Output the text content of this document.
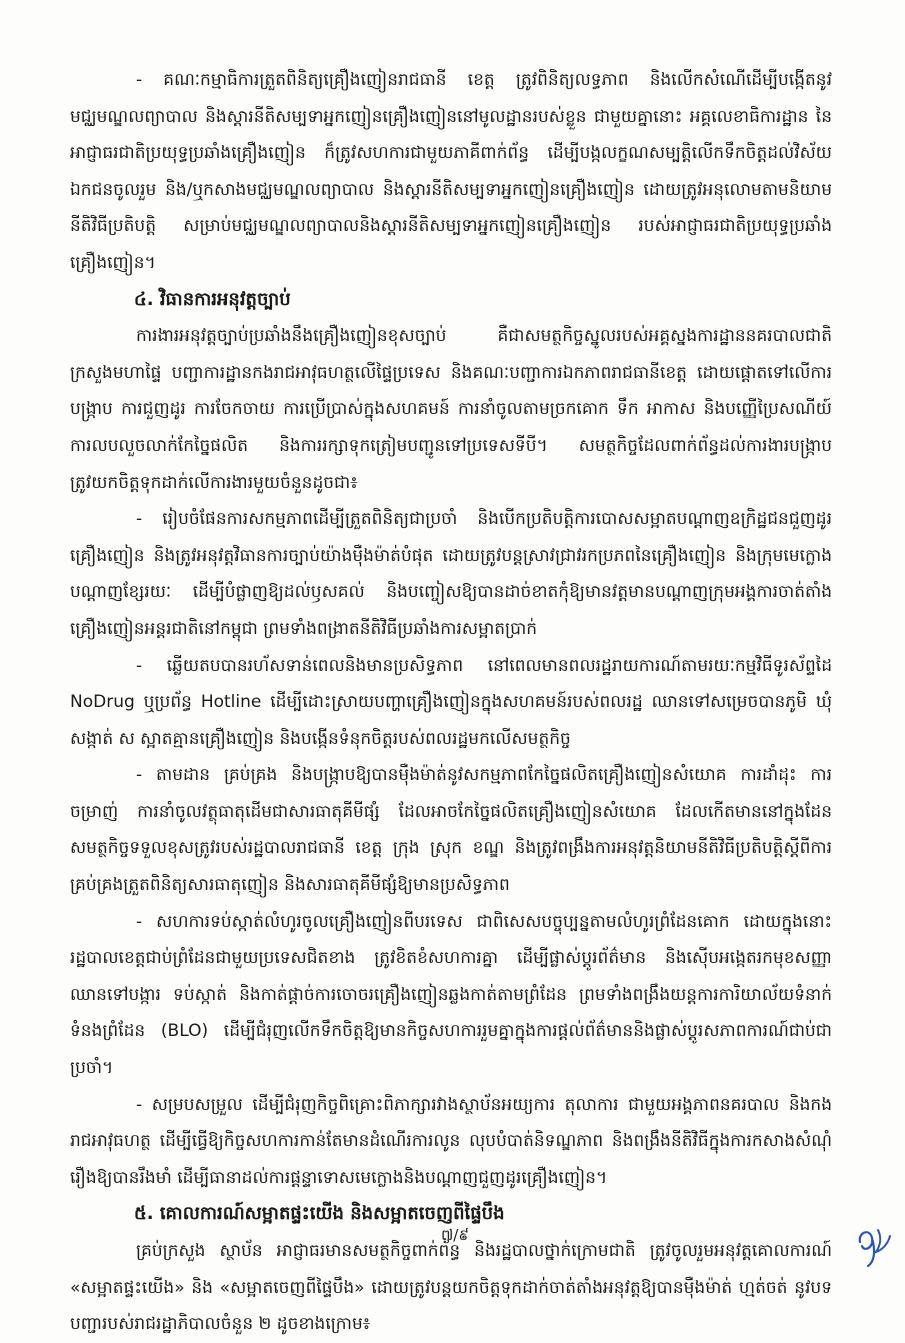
- គណៈកម្មាធិការត្រួតពិនិត្យគ្រឿងញៀនរាជធានី ខេត្ត ត្រូវពិនិត្យលទ្ធភាព និងលើកសំណើដើម្បីបង្កើតនូវមជ្ឈមណ្ឌលព្យាបាល និងស្តារនីតិសម្បទាអ្នកញៀនគ្រឿងញៀននៅមូលដ្ឋានរបស់ខ្លួន ជាមួយគ្នានោះ អគ្គលេខាធិការដ្ឋាន នៃអាជ្ញាធរជាតិប្រយុទ្ធប្រឆាំងគ្រឿងញៀន ក៏ត្រូវសហការជាមួយភាគីពាក់ព័ន្ធ ដើម្បីបង្កលក្ខណសម្បត្តិលើកទឹកចិត្តដល់វិស័យឯកជនចូលរួម និង/ឬកសាងមជ្ឈមណ្ឌលព្យាបាល និងស្តារនីតិសម្បទាអ្នកញៀនគ្រឿងញៀន ដោយត្រូវអនុលោមតាមនិយាមនីតិវិធីប្រតិបត្តិ សម្រាប់មជ្ឈមណ្ឌលព្យាបាលនិងស្តារនីតិសម្បទាអ្នកញៀនគ្រឿងញៀន របស់អាជ្ញាធរជាតិប្រយុទ្ធប្រឆាំងគ្រឿងញៀន។

៤. វិធានការអនុវត្តច្បាប់

ការងារអនុវត្តច្បាប់ប្រឆាំងនឹងគ្រឿងញៀនខុសច្បាប់ គឺជាសមត្ថកិច្ចស្នូលរបស់អគ្គស្នងការដ្ឋាននគរបាលជាតិ ក្រសួងមហាផ្ទៃ បញ្ជាការដ្ឋានកងរាជអាវុធហត្ថលើផ្ទៃប្រទេស និងគណៈបញ្ជាការឯកភាពរាជធានីខេត្ត ដោយផ្តោតទៅលើការបង្ក្រាប ការជួញដូរ ការចែកចាយ ការប្រើប្រាស់ក្នុងសហគមន៍ ការនាំចូលតាមច្រកគោក ទឹក អាកាស និងបញ្ញើប្រៃសណីយ៍ ការលបលួចលាក់កែច្នៃផលិត និងការរក្សាទុកត្រៀមបញ្ជូនទៅប្រទេសទីបី។ សមត្ថកិច្ចដែលពាក់ព័ន្ធដល់ការងារបង្ក្រាប ត្រូវយកចិត្តទុកដាក់លើការងារមួយចំនួនដូចជា៖

- រៀបចំផែនការសកម្មភាពដើម្បីត្រួតពិនិត្យជាប្រចាំ និងបើកប្រតិបត្តិការបោសសម្អាតបណ្តាញឧក្រិដ្ឋជនជួញដូរគ្រឿងញៀន និងត្រូវអនុវត្តវិធានការច្បាប់យ៉ាងម៉ឺងម៉ាត់បំផុត ដោយត្រូវបន្តស្រាវជ្រាវរកប្រភពនៃគ្រឿងញៀន និងក្រុមមេក្លោង បណ្តាញខ្សែរយៈ ដើម្បីបំផ្លាញឱ្យដល់ឫសគល់ និងបញ្ចៀសឱ្យបានដាច់ខាតកុំឱ្យមានវត្តមានបណ្តាញក្រុមអង្គការចាត់តាំងគ្រឿងញៀនអន្តរជាតិនៅកម្ពុជា ព្រមទាំងពង្រាតនីតិវិធីប្រឆាំងការសម្អាតប្រាក់

- ឆ្លើយតបបានរហ័សទាន់ពេលនិងមានប្រសិទ្ធភាព នៅពេលមានពលរដ្ឋរាយការណ៍តាមរយៈកម្មវិធីទូរស័ព្ទដៃ NoDrug ឬប្រព័ន្ធ Hotline ដើម្បីដោះស្រាយបញ្ហាគ្រឿងញៀនក្នុងសហគមន៍របស់ពលរដ្ឋ ឈានទៅសម្រេចបានភូមិ ឃុំសង្កាត់ ស ស្អាតគ្មានគ្រឿងញៀន និងបង្កើនទំនុកចិត្តរបស់ពលរដ្ឋមកលើសមត្ថកិច្ច

- តាមដាន គ្រប់គ្រង និងបង្ក្រាបឱ្យបានម៉ឺងម៉ាត់នូវសកម្មភាពកែច្នៃផលិតគ្រឿងញៀនសំយោគ ការដាំដុះ ការចម្រាញ់ ការនាំចូលវត្ថុធាតុដើមជាសារធាតុគីមីផ្សំ ដែលអាចកែច្នៃផលិតគ្រឿងញៀនសំយោគ ដែលកើតមាននៅក្នុងដែនសមត្ថកិច្ចទទួលខុសត្រូវរបស់រដ្ឋបាលរាជធានី ខេត្ត ក្រុង ស្រុក ខណ្ឌ និងត្រូវពង្រឹងការអនុវត្តនិយាមនីតិវិធីប្រតិបត្តិស្តីពីការគ្រប់គ្រងត្រួតពិនិត្យសារធាតុញៀន និងសារធាតុគីមីផ្សំឱ្យមានប្រសិទ្ធភាព

- សហការទប់ស្កាត់លំហូរចូលគ្រឿងញៀនពីបរទេស ជាពិសេសបច្ចុប្បន្នតាមលំហូរព្រំដែនគោក ដោយក្នុងនោះ រដ្ឋបាលខេត្តជាប់ព្រំដែនជាមួយប្រទេសជិតខាង ត្រូវខិតខំសហការគ្នា ដើម្បីផ្លាស់ប្តូរព័ត៌មាន និងស៊ើបអង្កេតរកមុខសញ្ញា ឈានទៅបង្ការ ទប់ស្កាត់ និងកាត់ផ្តាច់ការចោចរគ្រឿងញៀនឆ្លងកាត់តាមព្រំដែន ព្រមទាំងពង្រឹងយន្តការការិយាល័យទំនាក់ទំនងព្រំដែន (BLO) ដើម្បីជំរុញលើកទឹកចិត្តឱ្យមានកិច្ចសហការរួមគ្នាក្នុងការផ្តល់ព័ត៌មាននិងផ្លាស់ប្តូរសភាពការណ៍ជាប់ជាប្រចាំ។

- សម្របសម្រួល ដើម្បីជំរុញកិច្ចពិគ្រោះពិភាក្សារវាងស្ថាប័នអយ្យការ តុលាការ ជាមួយអង្គភាពនគរបាល និងកងរាជអាវុធហត្ថ ដើម្បីធ្វើឱ្យកិច្ចសហការកាន់តែមានដំណើរការលូន លុបបំបាត់និទណ្ឌភាព និងពង្រឹងនីតិវិធីក្នុងការកសាងសំណុំរឿងឱ្យបានរឹងមាំ ដើម្បីធានាដល់ការផ្តន្ទាទោសមេក្លោងនិងបណ្តាញជួញដូរគ្រឿងញៀន។

៥. គោលការណ៍សម្អាតផ្ទះយើង និងសម្អាតចេញពីផ្ទៃបឹង

គ្រប់ក្រសួង ស្ថាប័ន អាជ្ញាធរមានសមត្ថកិច្ចពាក់ព័ន្ធ និងរដ្ឋបាលថ្នាក់ក្រោមជាតិ ត្រូវចូលរួមអនុវត្តគោលការណ៍ «សម្អាតផ្ទះយើង» និង «សម្អាតចេញពីផ្ទៃបឹង» ដោយត្រូវបន្តយកចិត្តទុកដាក់ចាត់តាំងអនុវត្តឱ្យបានម៉ឺងម៉ាត់ ហ្មត់ចត់ នូវបទបញ្ជារបស់រាជរដ្ឋាភិបាលចំនួន ២ ដូចខាងក្រោម៖

៧/៩
